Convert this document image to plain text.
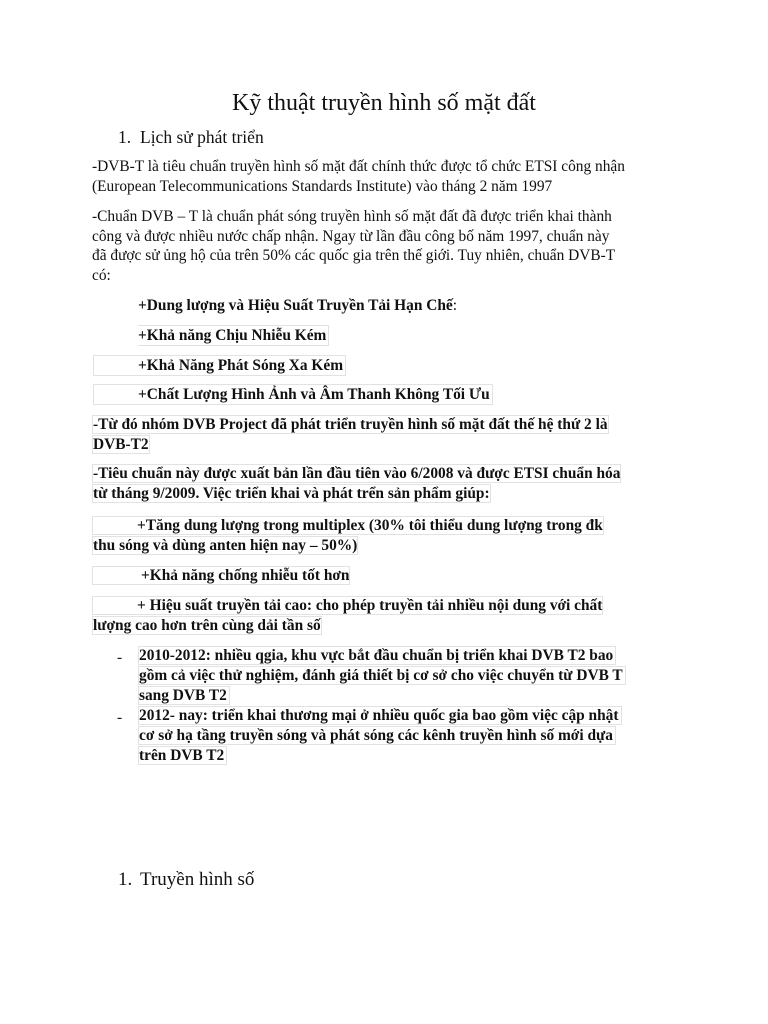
Kỹ thuật truyền hình số mặt đất
1. Lịch sử phát triển
-DVB-T là tiêu chuẩn truyền hình số mặt đất chính thức được tổ chức ETSI công nhận
(European Telecommunications Standards Institute) vào tháng 2 năm 1997
-Chuẩn DVB – T là chuẩn phát sóng truyền hình số mặt đất đã được triển khai thành
công và được nhiều nước chấp nhận. Ngay từ lần đầu công bố năm 1997, chuẩn này
đã được sử ủng hộ của trên 50% các quốc gia trên thế giới. Tuy nhiên, chuẩn DVB-T
có:
+Dung lượng và Hiệu Suất Truyền Tải Hạn Chế:
+Khả năng Chịu Nhiễu Kém
+Khả Năng Phát Sóng Xa Kém
+Chất Lượng Hình Ảnh và Âm Thanh Không Tối Ưu
-Từ đó nhóm DVB Project đã phát triển truyền hình số mặt đất thế hệ thứ 2 là
DVB-T2
-Tiêu chuẩn này được xuất bản lần đầu tiên vào 6/2008 và được ETSI chuẩn hóa
từ tháng 9/2009. Việc triển khai và phát trển sản phẩm giúp:
+Tăng dung lượng trong multiplex (30% tôi thiểu dung lượng trong đk
thu sóng và dùng anten hiện nay – 50%)
+Khả năng chống nhiễu tốt hơn
+ Hiệu suất truyền tải cao: cho phép truyền tải nhiều nội dung với chất
lượng cao hơn trên cùng dải tần số
- 2010-2012: nhiều qgia, khu vực bắt đầu chuẩn bị triển khai DVB T2 bao
gồm cả việc thử nghiệm, đánh giá thiết bị cơ sở cho việc chuyển từ DVB T
sang DVB T2
- 2012- nay: triển khai thương mại ở nhiều quốc gia bao gồm việc cập nhật
cơ sở hạ tầng truyền sóng và phát sóng các kênh truyền hình số mới dựa
trên DVB T2
1. Truyền hình số
